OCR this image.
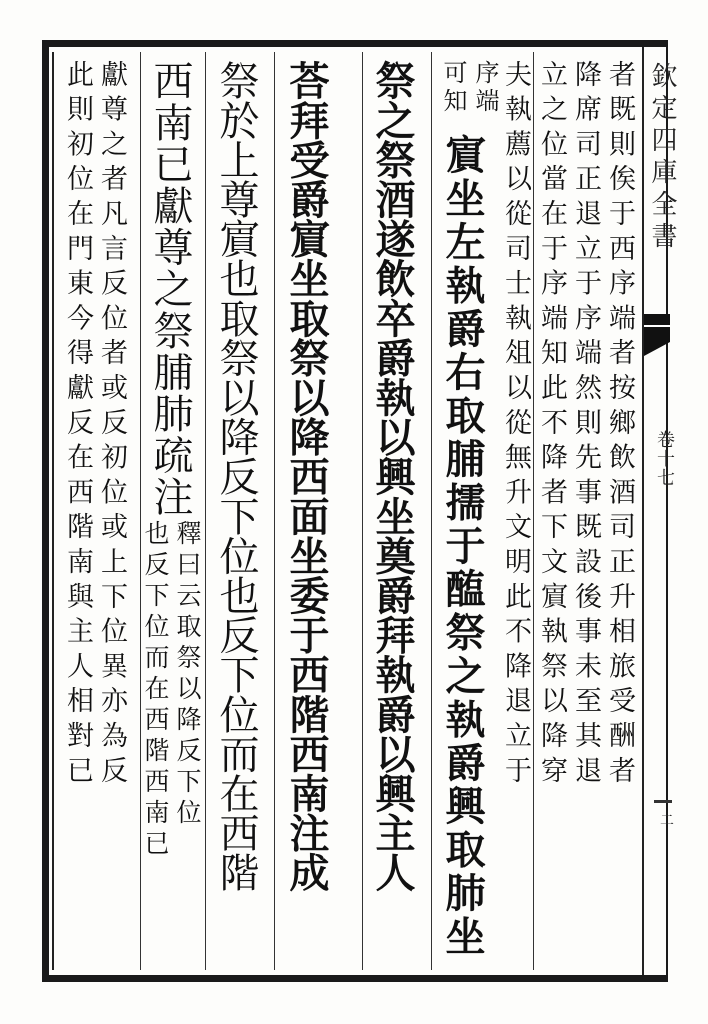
欽定四庫全書
卷十七
二
者既則俟于西序端者按鄉飲酒司正升相旅受酬者
降席司正退立于序端然則先事既設後事未至其退
立之位當在于序端知此不降者下文賔執祭以降穿
夫執薦以從司士執俎以從無升文明此不降退立于
序端
可知
賔坐左執爵右取脯擩于醢祭之執爵興取肺坐
祭之祭酒遂飲卒爵執以興坐奠爵拜執爵以興主人
荅拜受爵賔坐取祭以降西面坐委于西階西南注成
祭於上尊賔也取祭以降反下位也反下位而在西階
西南已獻尊之祭脯肺疏注
釋曰云取祭以降反下位
也反下位而在西階西南已
獻尊之者凡言反位者或反初位或上下位異亦為反
此則初位在門東今得獻反在西階南與主人相對已
